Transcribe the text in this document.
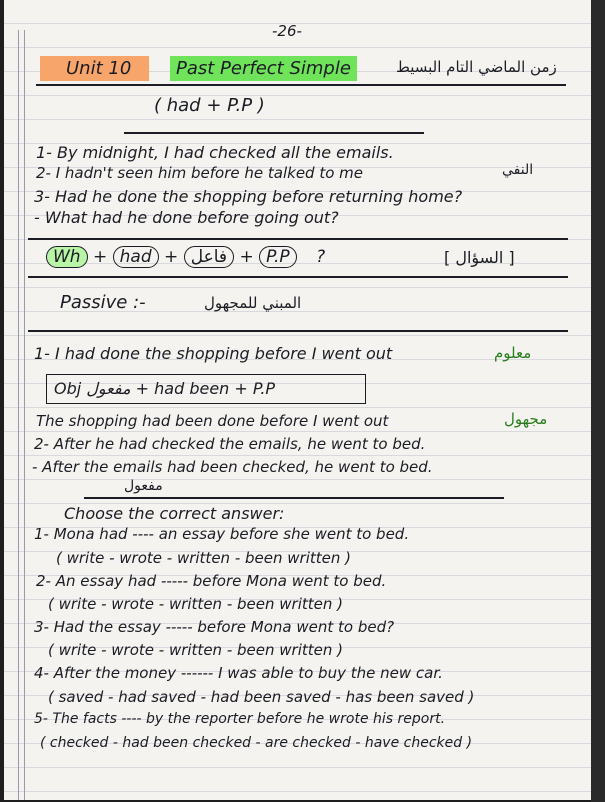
-26-
Unit 10	Past Perfect Simple	زمن الماضي التام البسيط
( had + P.P )
1- By midnight, I had checked all the emails.
2- I hadn't seen him before he talked to me	النفي
3- Had he done the shopping before returning home?
- What had he done before going out?
Wh + had + فاعل + P.P ?	[ السؤال ]
Passive :-	المبني للمجهول
1- I had done the shopping before I went out	معلوم
Obj مفعول + had been + P.P
The shopping had been done before I went out	مجهول
2- After he had checked the emails, he went to bed.
- After the emails had been checked, he went to bed.
مفعول
Choose the correct answer:
1- Mona had ---- an essay before she went to bed.
( write - wrote - written - been written )
2- An essay had ----- before Mona went to bed.
( write - wrote - written - been written )
3- Had the essay ----- before Mona went to bed?
( write - wrote - written - been written )
4- After the money ------ I was able to buy the new car.
( saved - had saved - had been saved - has been saved )
5- The facts ---- by the reporter before he wrote his report.
( checked - had been checked - are checked - have checked )
